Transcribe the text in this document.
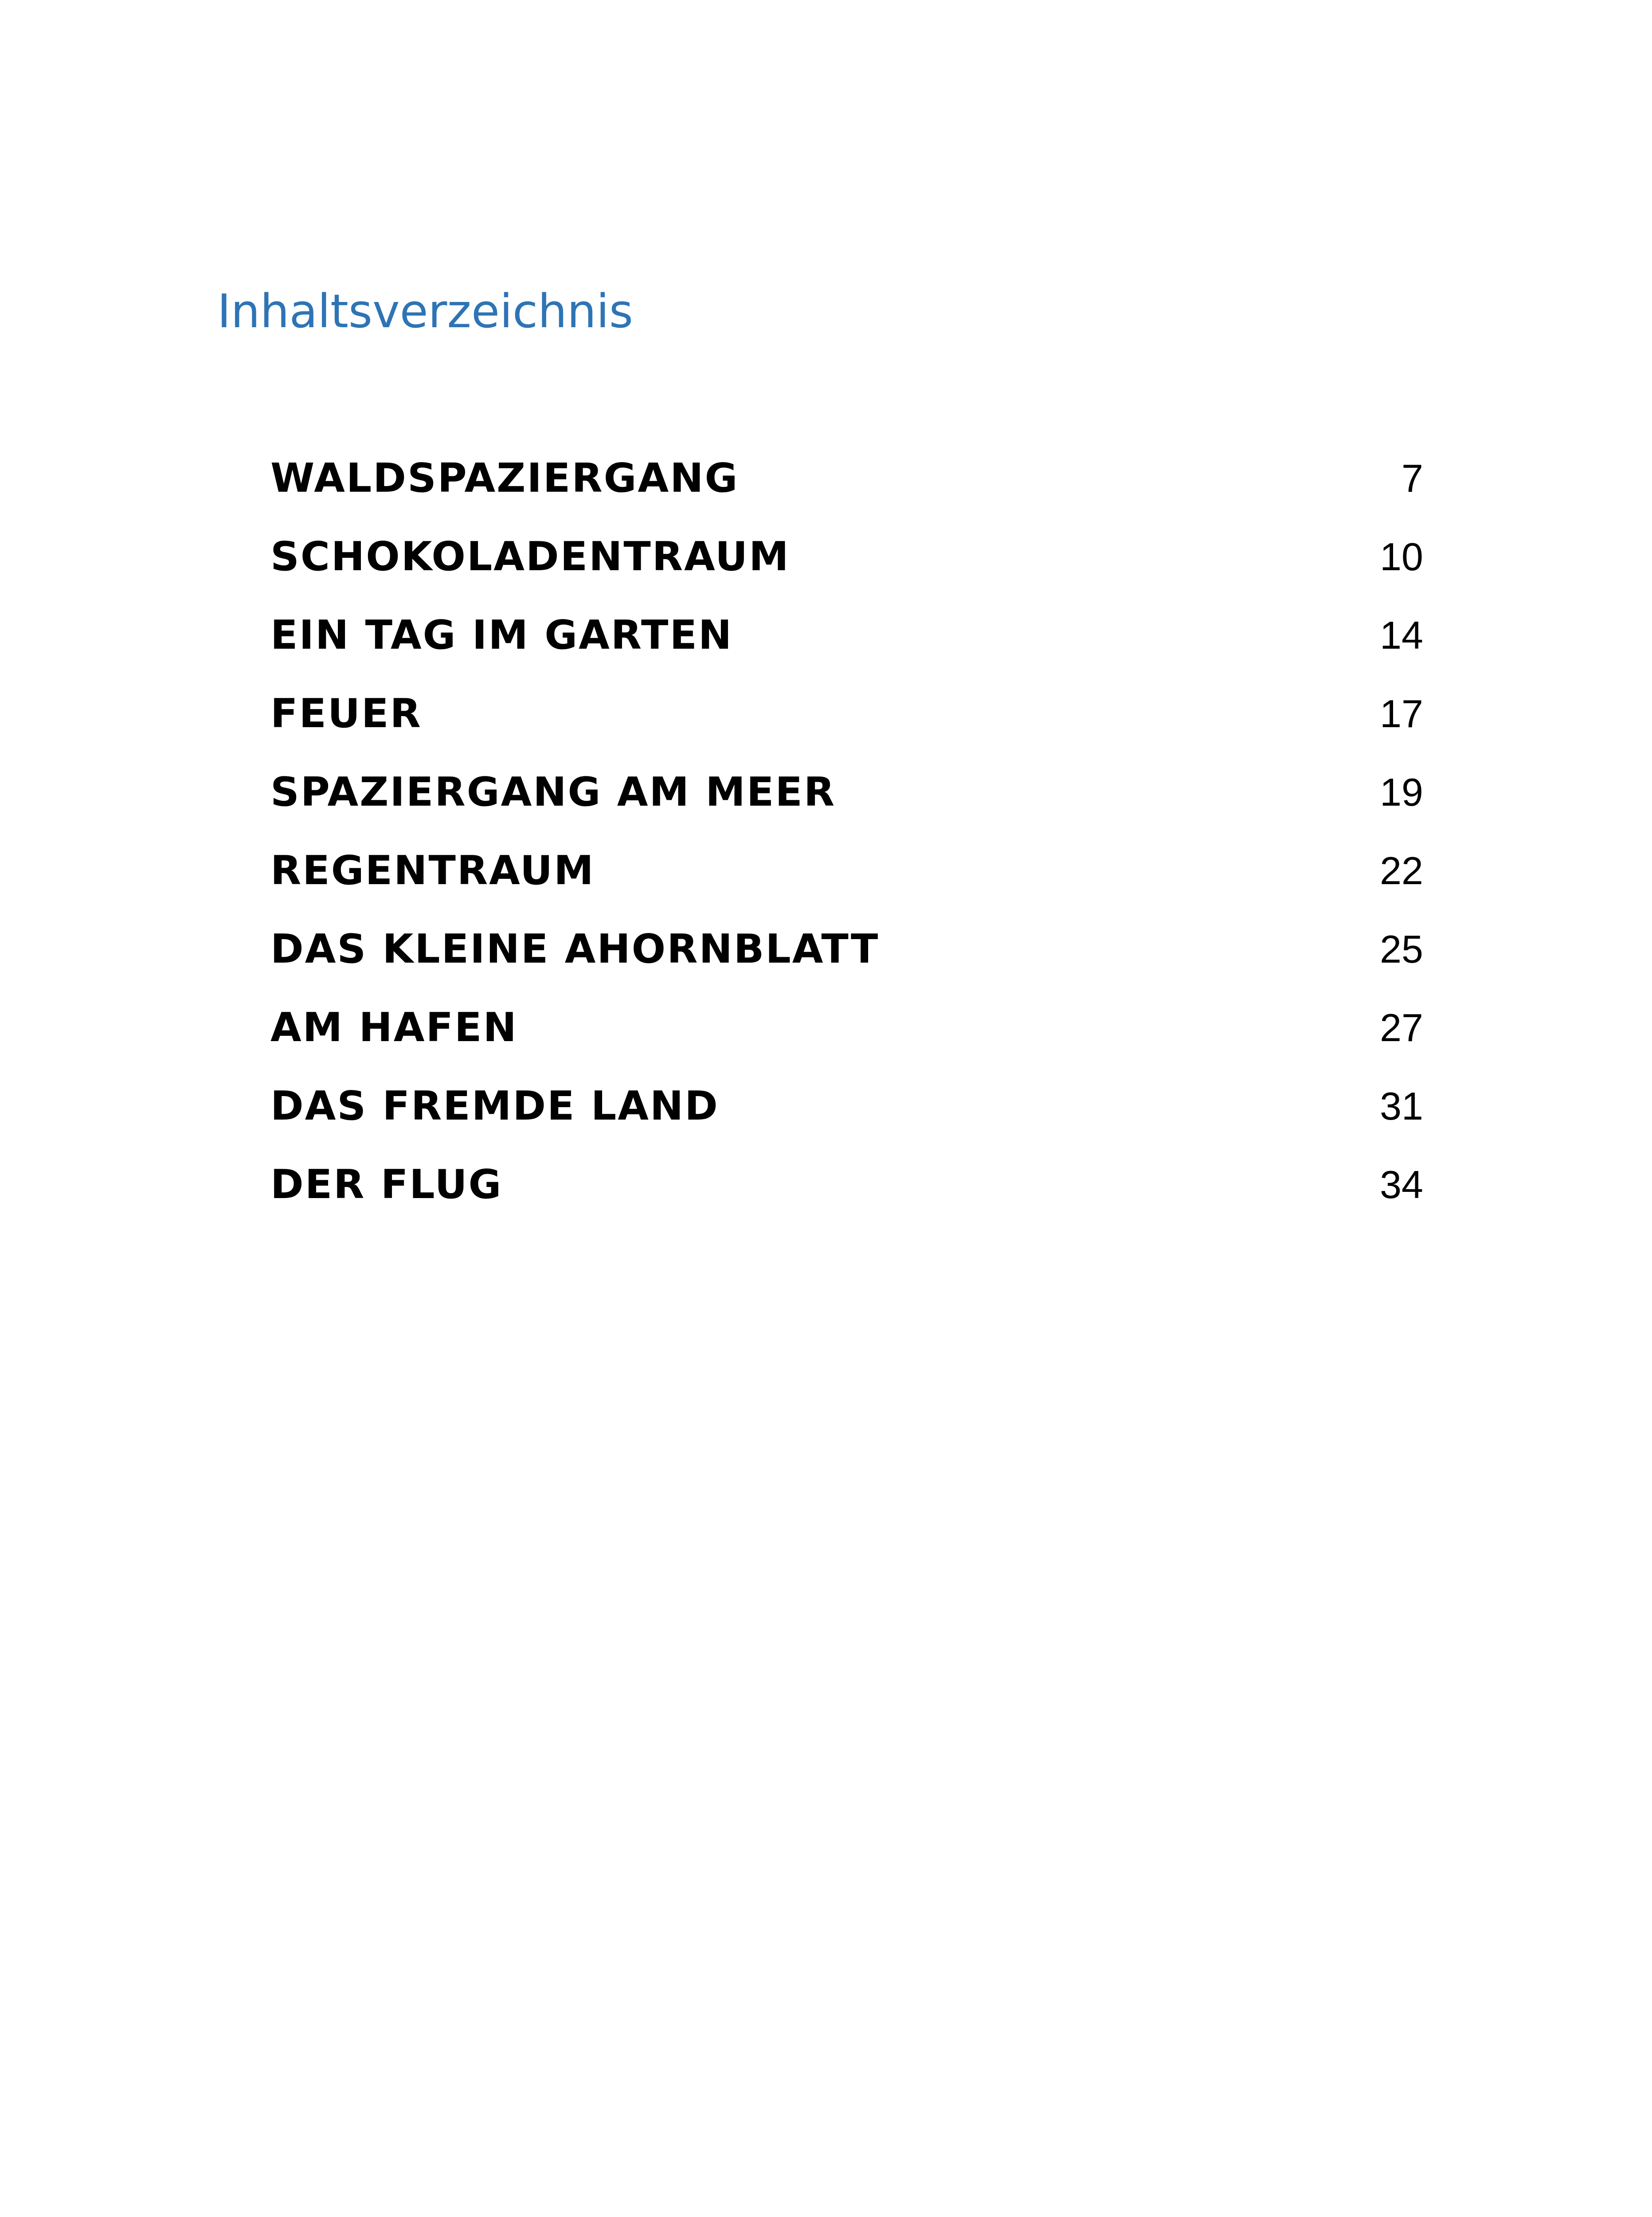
Inhaltsverzeichnis
WALDSPAZIERGANG	7
SCHOKOLADENTRAUM	10
EIN TAG IM GARTEN	14
FEUER	17
SPAZIERGANG AM MEER	19
REGENTRAUM	22
DAS KLEINE AHORNBLATT	25
AM HAFEN	27
DAS FREMDE LAND	31
DER FLUG	34
